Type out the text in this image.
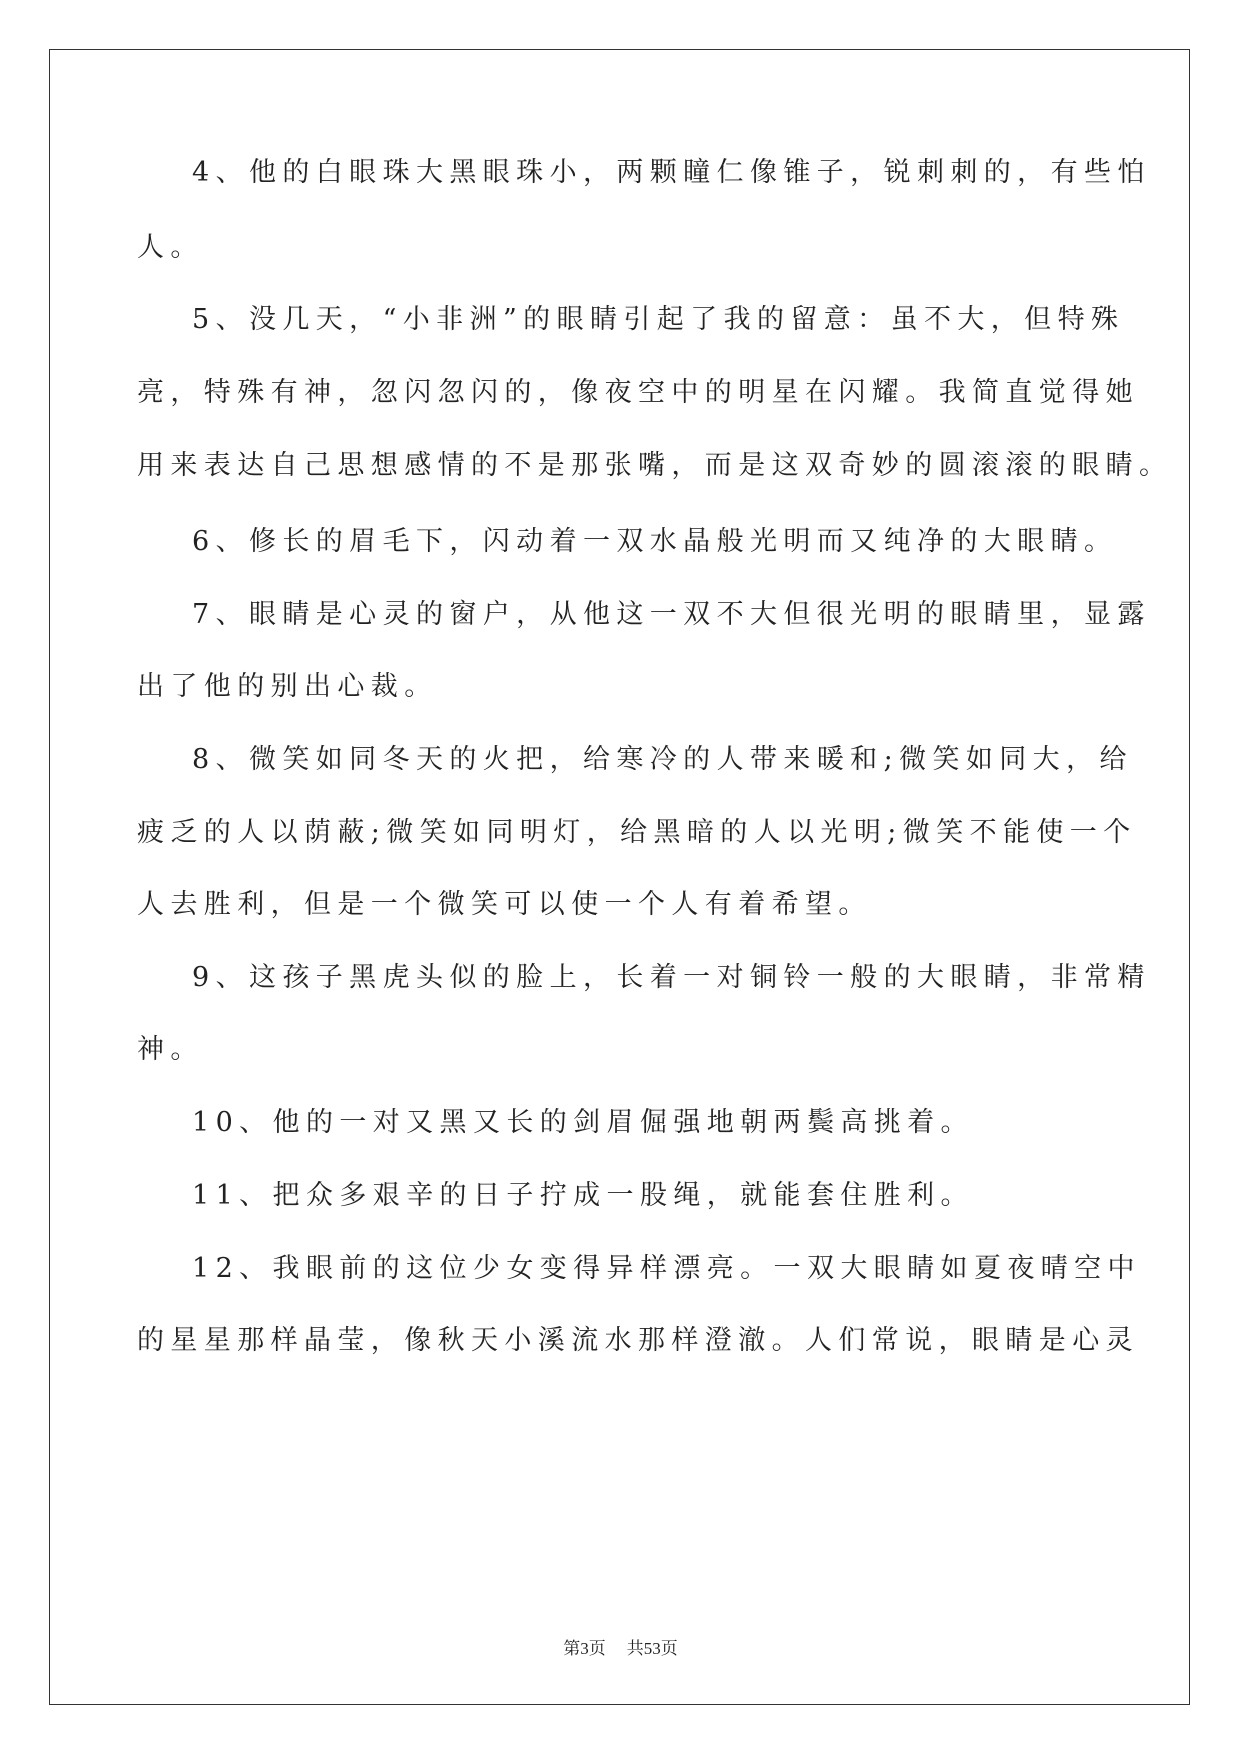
4、他的白眼珠大黑眼珠小，两颗瞳仁像锥子，锐刺刺的，有些怕
人。
5、没几天，“小非洲”的眼睛引起了我的留意：虽不大，但特殊
亮，特殊有神，忽闪忽闪的，像夜空中的明星在闪耀。我简直觉得她
用来表达自己思想感情的不是那张嘴，而是这双奇妙的圆滚滚的眼睛。
6、修长的眉毛下，闪动着一双水晶般光明而又纯净的大眼睛。
7、眼睛是心灵的窗户，从他这一双不大但很光明的眼睛里，显露
出了他的别出心裁。
8、微笑如同冬天的火把，给寒冷的人带来暖和;微笑如同大，给
疲乏的人以荫蔽;微笑如同明灯，给黑暗的人以光明;微笑不能使一个
人去胜利，但是一个微笑可以使一个人有着希望。
9、这孩子黑虎头似的脸上，长着一对铜铃一般的大眼睛，非常精
神。
10、他的一对又黑又长的剑眉倔强地朝两鬓高挑着。
11、把众多艰辛的日子拧成一股绳，就能套住胜利。
12、我眼前的这位少女变得异样漂亮。一双大眼睛如夏夜晴空中
的星星那样晶莹，像秋天小溪流水那样澄澈。人们常说，眼睛是心灵
第3页 共53页
